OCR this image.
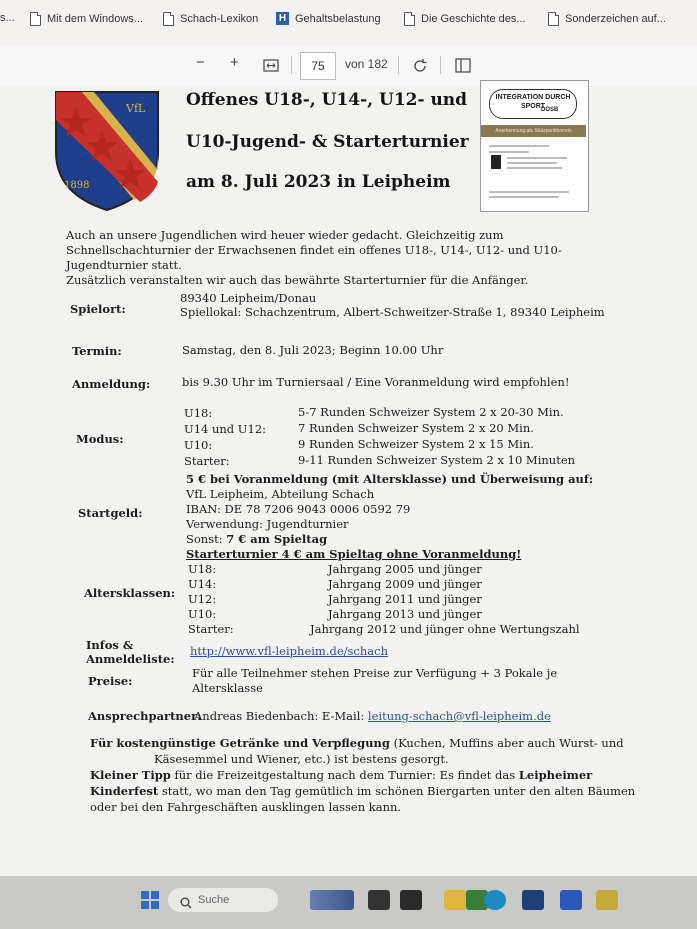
s...	Mit dem Windows...	Schach-Lexikon H Gehaltsbelastung	Die Geschichte des...	Sonderzeichen auf...
− +	75	von 182
VfL
1898
Offenes U18-, U14-, U12- und
U10-Jugend- & Starterturnier
am 8. Juli 2023 in Leipheim
INTEGRATION DURCH SPORT
DOSB
Anerkennung als Stützpunktverein
Auch an unsere Jugendlichen wird heuer wieder gedacht. Gleichzeitig zum
Schnellschachturnier der Erwachsenen findet ein offenes U18-, U14-, U12- und U10-
Jugendturnier statt.
Zusätzlich veranstalten wir auch das bewährte Starterturnier für die Anfänger.
Spielort:
89340 Leipheim/Donau
Spiellokal: Schachzentrum, Albert-Schweitzer-Straße 1, 89340 Leipheim
Termin:	Samstag, den 8. Juli 2023; Beginn 10.00 Uhr
Anmeldung:	bis 9.30 Uhr im Turniersaal / Eine Voranmeldung wird empfohlen!
Modus:
U18:	5-7 Runden Schweizer System 2 x 20-30 Min.
U14 und U12:	7 Runden Schweizer System 2 x 20 Min.
U10:	9 Runden Schweizer System 2 x 15 Min.
Starter:	9-11 Runden Schweizer System 2 x 10 Minuten
Startgeld:
5 € bei Voranmeldung (mit Altersklasse) und Überweisung auf:
VfL Leipheim, Abteilung Schach
IBAN: DE 78 7206 9043 0006 0592 79
Verwendung: Jugendturnier
Sonst: 7 € am Spieltag
Starterturnier 4 € am Spieltag ohne Voranmeldung!
Altersklassen:
U18:	Jahrgang 2005 und jünger
U14:	Jahrgang 2009 und jünger
U12:	Jahrgang 2011 und jünger
U10:	Jahrgang 2013 und jünger
Starter:	Jahrgang 2012 und jünger ohne Wertungszahl
Infos &
Anmeldeliste:
http://www.vfl-leipheim.de/schach
Preise:
Für alle Teilnehmer stehen Preise zur Verfügung + 3 Pokale je
Altersklasse
Ansprechpartner:
Andreas Biedenbach: E-Mail: leitung-schach@vfl-leipheim.de
Für kostengünstige Getränke und Verpflegung (Kuchen, Muffins aber auch Wurst- und
Käsesemmel und Wiener, etc.) ist bestens gesorgt.
Kleiner Tipp für die Freizeitgestaltung nach dem Turnier: Es findet das Leipheimer
Kinderfest statt, wo man den Tag gemütlich im schönen Biergarten unter den alten Bäumen
oder bei den Fahrgeschäften ausklingen lassen kann.
Suche
